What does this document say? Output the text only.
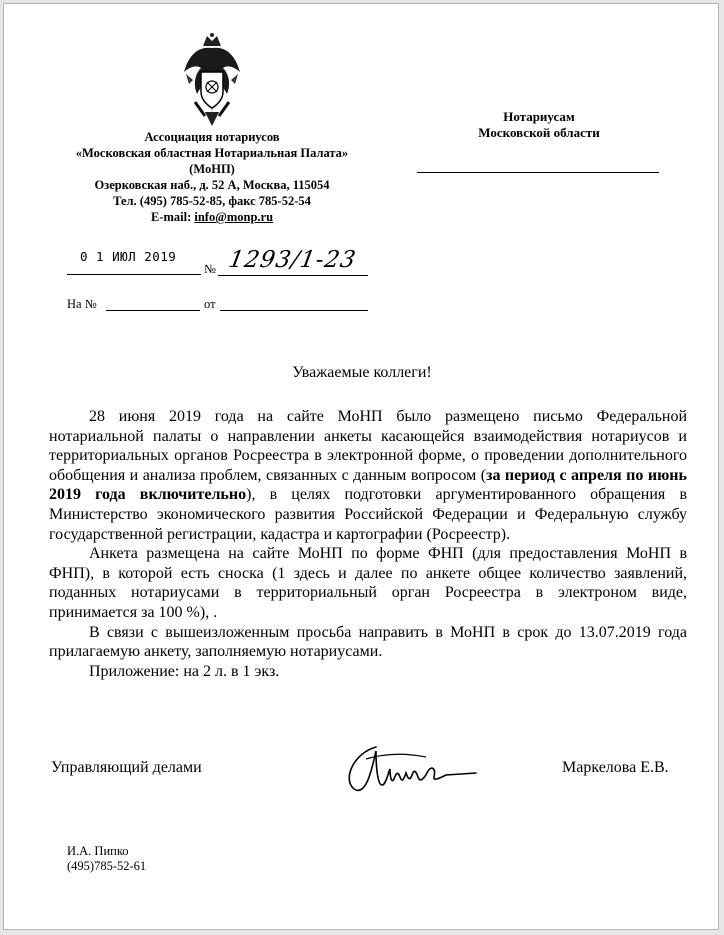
Ассоциация нотариусов
«Московская областная Нотариальная Палата»
(МоНП)
Озерковская наб., д. 52 А, Москва, 115054
Тел. (495) 785-52-85, факс 785-52-54
E-mail: info@monp.ru
Нотариусам
Московской области
0 1 ИЮЛ 2019
№ 1293/1-23
На №	от
Уважаемые коллеги!

28 июня 2019 года на сайте МоНП было размещено письмо Федеральной нотариальной палаты о направлении анкеты касающейся взаимодействия нотариусов и территориальных органов Росреестра в электронной форме, о проведении дополнительного обобщения и анализа проблем, связанных с данным вопросом (за период с апреля по июнь 2019 года включительно), в целях подготовки аргументированного обращения в Министерство экономического развития Российской Федерации и Федеральную службу государственной регистрации, кадастра и картографии (Росреестр).

Анкета размещена на сайте МоНП по форме ФНП (для предоставления МоНП в ФНП), в которой есть сноска (1 здесь и далее по анкете общее количество заявлений, поданных нотариусами в территориальный орган Росреестра в электроном виде, принимается за 100 %), .

В связи с вышеизложенным просьба направить в МоНП в срок до 13.07.2019 года прилагаемую анкету, заполняемую нотариусами.

Приложение: на 2 л. в 1 экз.

Управляющий делами	Маркелова Е.В.
И.А. Пипко
(495)785-52-61
